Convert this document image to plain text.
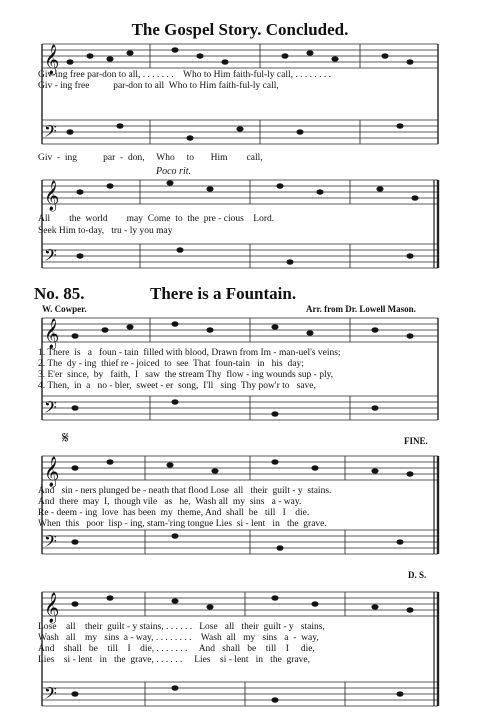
𝄞
𝄢
𝄞
𝄢
𝄞
𝄢
𝄞
𝄢
𝄞
𝄢
The Gospel Story. Concluded.
Giv-ing free par-don to all, . . . . . . .    Who to Him faith-ful-ly call, . . . . . . . .
Giv - ing free          par-don to all  Who to Him faith-ful-ly call,
Giv  -  ing           par  -  don,     Who     to       Him        call,
Poco rit.
All        the  world        may  Come  to  the  pre - cious    Lord.
Seek Him to-day,   tru - ly you may
No. 85.	There is a Fountain.
W. Cowper.	Arr. from Dr. Lowell Mason.
1. There  is   a   foun - tain  filled with blood, Drawn from Im - man-uel's veins;
2. The  dy - ing  thief re - joiced  to  see  That  foun-tain   in   his  day;
3. E'er  since,  by   faith,  I   saw  the stream Thy  flow - ing wounds sup - ply,
4. Then,  in  a   no - bler,  sweet - er  song,  I'll   sing  Thy pow'r to   save,
𝄋	FINE.
And   sin - ners plunged be - neath that flood Lose  all   their  guilt - y  stains.
And  there  may  I,  though vile   as   he,  Wash all  my  sins   a - way.
Re - deem - ing  love  has been  my  theme, And  shall  be   till   I    die.
When  this   poor  lisp - ing, stam-'ring tongue Lies  si - lent   in   the  grave.
D. S.
Lose    all    their  guilt - y stains, . . . . . .   Lose   all   their  guilt - y   stains,
Wash   all    my   sins  a - way, . . . . . . . .    Wash  all   my   sins   a  -  way,
And    shall   be    till    I    die, . . . . . . .     And   shall   be    till    I     die,
Lies    si - lent   in   the  grave, . . . . . .     Lies    si - lent   in   the  grave,
